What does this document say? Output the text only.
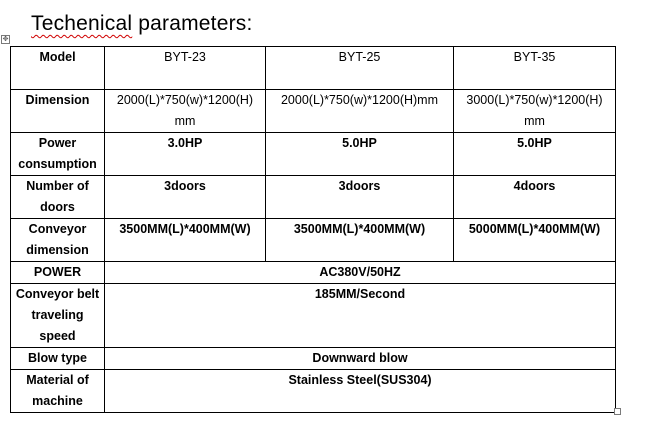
Techenical parameters:
✥
Model	BYT-23	BYT-25	BYT-35
Dimension	2000(L)*750(w)*1200(H) mm	2000(L)*750(w)*1200(H)mm	3000(L)*750(w)*1200(H) mm
Power consumption	3.0HP	5.0HP	5.0HP
Number of doors	3doors	3doors	4doors
Conveyor dimension	3500MM(L)*400MM(W)	3500MM(L)*400MM(W)	5000MM(L)*400MM(W)
POWER	AC380V/50HZ		
Conveyor belt traveling speed	185MM/Second		
Blow type	Downward blow		
Material of machine	Stainless Steel(SUS304)		
